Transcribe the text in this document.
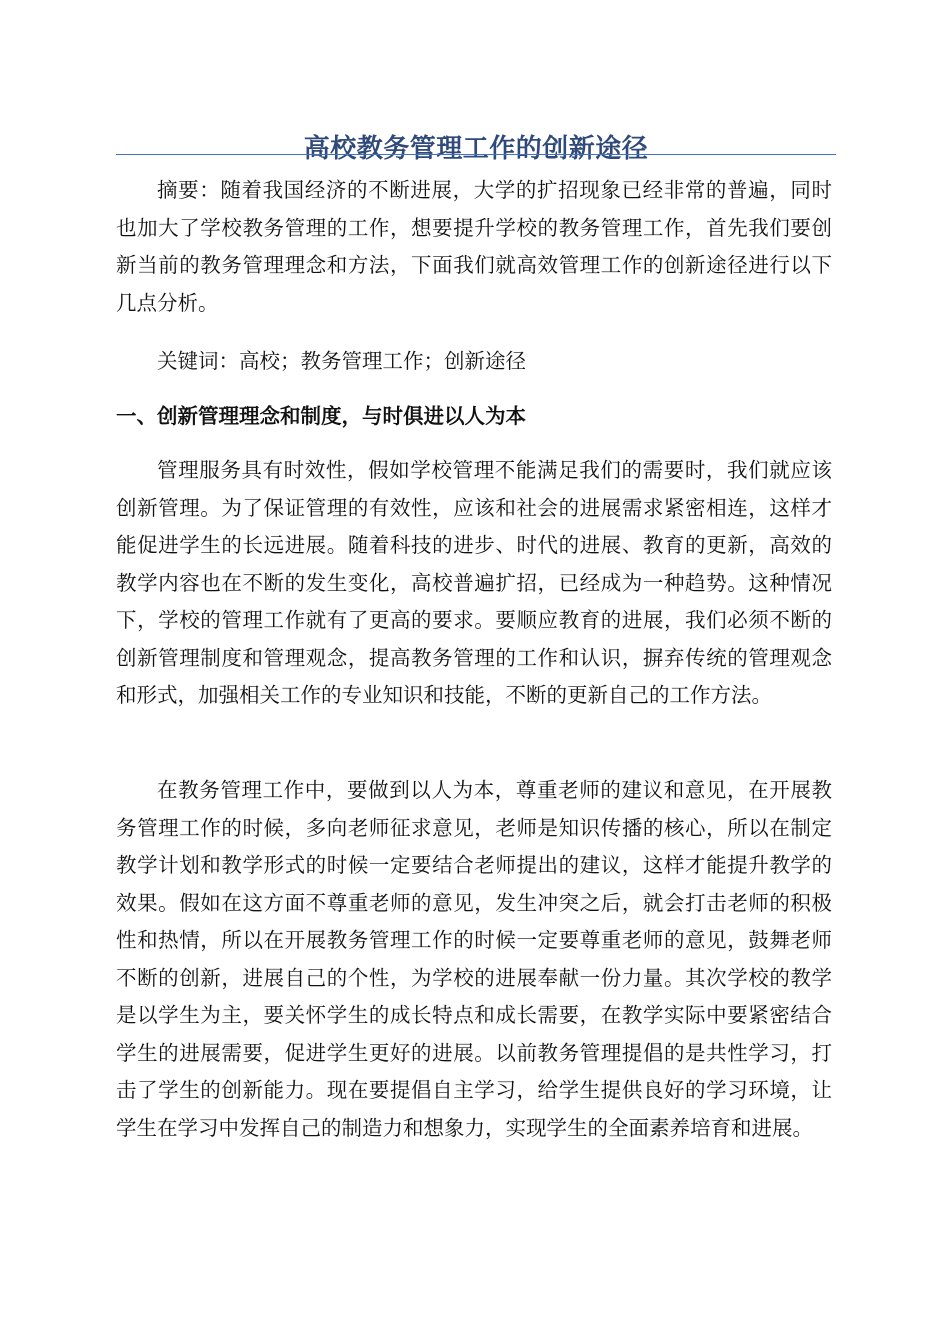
高校教务管理工作的创新途径

摘要：随着我国经济的不断进展，大学的扩招现象已经非常的普遍，同时也加大了学校教务管理的工作，想要提升学校的教务管理工作，首先我们要创新当前的教务管理理念和方法，下面我们就高效管理工作的创新途径进行以下几点分析。

关键词：高校；教务管理工作；创新途径

一、创新管理理念和制度，与时俱进以人为本

管理服务具有时效性，假如学校管理不能满足我们的需要时，我们就应该创新管理。为了保证管理的有效性，应该和社会的进展需求紧密相连，这样才能促进学生的长远进展。随着科技的进步、时代的进展、教育的更新，高效的教学内容也在不断的发生变化，高校普遍扩招，已经成为一种趋势。这种情况下，学校的管理工作就有了更高的要求。要顺应教育的进展，我们必须不断的创新管理制度和管理观念，提高教务管理的工作和认识，摒弃传统的管理观念和形式，加强相关工作的专业知识和技能，不断的更新自己的工作方法。

在教务管理工作中，要做到以人为本，尊重老师的建议和意见，在开展教务管理工作的时候，多向老师征求意见，老师是知识传播的核心，所以在制定教学计划和教学形式的时候一定要结合老师提出的建议，这样才能提升教学的效果。假如在这方面不尊重老师的意见，发生冲突之后，就会打击老师的积极性和热情，所以在开展教务管理工作的时候一定要尊重老师的意见，鼓舞老师不断的创新，进展自己的个性，为学校的进展奉献一份力量。其次学校的教学是以学生为主，要关怀学生的成长特点和成长需要，在教学实际中要紧密结合学生的进展需要，促进学生更好的进展。以前教务管理提倡的是共性学习，打击了学生的创新能力。现在要提倡自主学习，给学生提供良好的学习环境，让学生在学习中发挥自己的制造力和想象力，实现学生的全面素养培育和进展。
